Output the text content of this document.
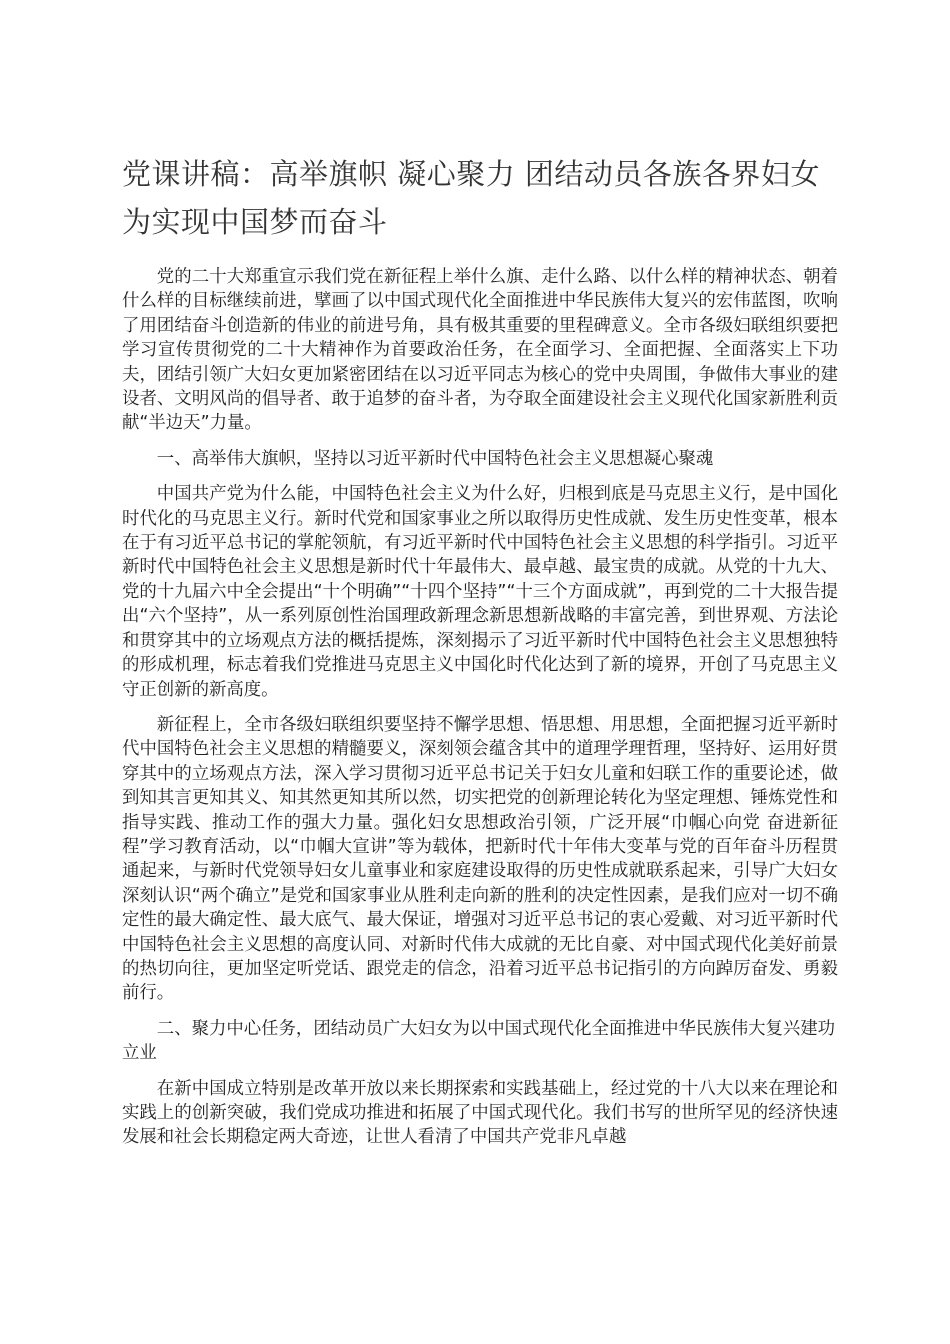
党课讲稿：高举旗帜 凝心聚力 团结动员各族各界妇女为实现中国梦而奋斗

党的二十大郑重宣示我们党在新征程上举什么旗、走什么路、以什么样的精神状态、朝着什么样的目标继续前进，擘画了以中国式现代化全面推进中华民族伟大复兴的宏伟蓝图，吹响了用团结奋斗创造新的伟业的前进号角，具有极其重要的里程碑意义。全市各级妇联组织要把学习宣传贯彻党的二十大精神作为首要政治任务，在全面学习、全面把握、全面落实上下功夫，团结引领广大妇女更加紧密团结在以习近平同志为核心的党中央周围，争做伟大事业的建设者、文明风尚的倡导者、敢于追梦的奋斗者，为夺取全面建设社会主义现代化国家新胜利贡献“半边天”力量。

一、高举伟大旗帜，坚持以习近平新时代中国特色社会主义思想凝心聚魂

中国共产党为什么能，中国特色社会主义为什么好，归根到底是马克思主义行，是中国化时代化的马克思主义行。新时代党和国家事业之所以取得历史性成就、发生历史性变革，根本在于有习近平总书记的掌舵领航，有习近平新时代中国特色社会主义思想的科学指引。习近平新时代中国特色社会主义思想是新时代十年最伟大、最卓越、最宝贵的成就。从党的十九大、党的十九届六中全会提出“十个明确”“十四个坚持”“十三个方面成就”，再到党的二十大报告提出“六个坚持”，从一系列原创性治国理政新理念新思想新战略的丰富完善，到世界观、方法论和贯穿其中的立场观点方法的概括提炼，深刻揭示了习近平新时代中国特色社会主义思想独特的形成机理，标志着我们党推进马克思主义中国化时代化达到了新的境界，开创了马克思主义守正创新的新高度。

新征程上，全市各级妇联组织要坚持不懈学思想、悟思想、用思想，全面把握习近平新时代中国特色社会主义思想的精髓要义，深刻领会蕴含其中的道理学理哲理，坚持好、运用好贯穿其中的立场观点方法，深入学习贯彻习近平总书记关于妇女儿童和妇联工作的重要论述，做到知其言更知其义、知其然更知其所以然，切实把党的创新理论转化为坚定理想、锤炼党性和指导实践、推动工作的强大力量。强化妇女思想政治引领，广泛开展“巾帼心向党 奋进新征程”学习教育活动，以“巾帼大宣讲”等为载体，把新时代十年伟大变革与党的百年奋斗历程贯通起来，与新时代党领导妇女儿童事业和家庭建设取得的历史性成就联系起来，引导广大妇女深刻认识“两个确立”是党和国家事业从胜利走向新的胜利的决定性因素，是我们应对一切不确定性的最大确定性、最大底气、最大保证，增强对习近平总书记的衷心爱戴、对习近平新时代中国特色社会主义思想的高度认同、对新时代伟大成就的无比自豪、对中国式现代化美好前景的热切向往，更加坚定听党话、跟党走的信念，沿着习近平总书记指引的方向踔厉奋发、勇毅前行。

二、聚力中心任务，团结动员广大妇女为以中国式现代化全面推进中华民族伟大复兴建功立业

在新中国成立特别是改革开放以来长期探索和实践基础上，经过党的十八大以来在理论和实践上的创新突破，我们党成功推进和拓展了中国式现代化。我们书写的世所罕见的经济快速发展和社会长期稳定两大奇迹，让世人看清了中国共产党非凡卓越
